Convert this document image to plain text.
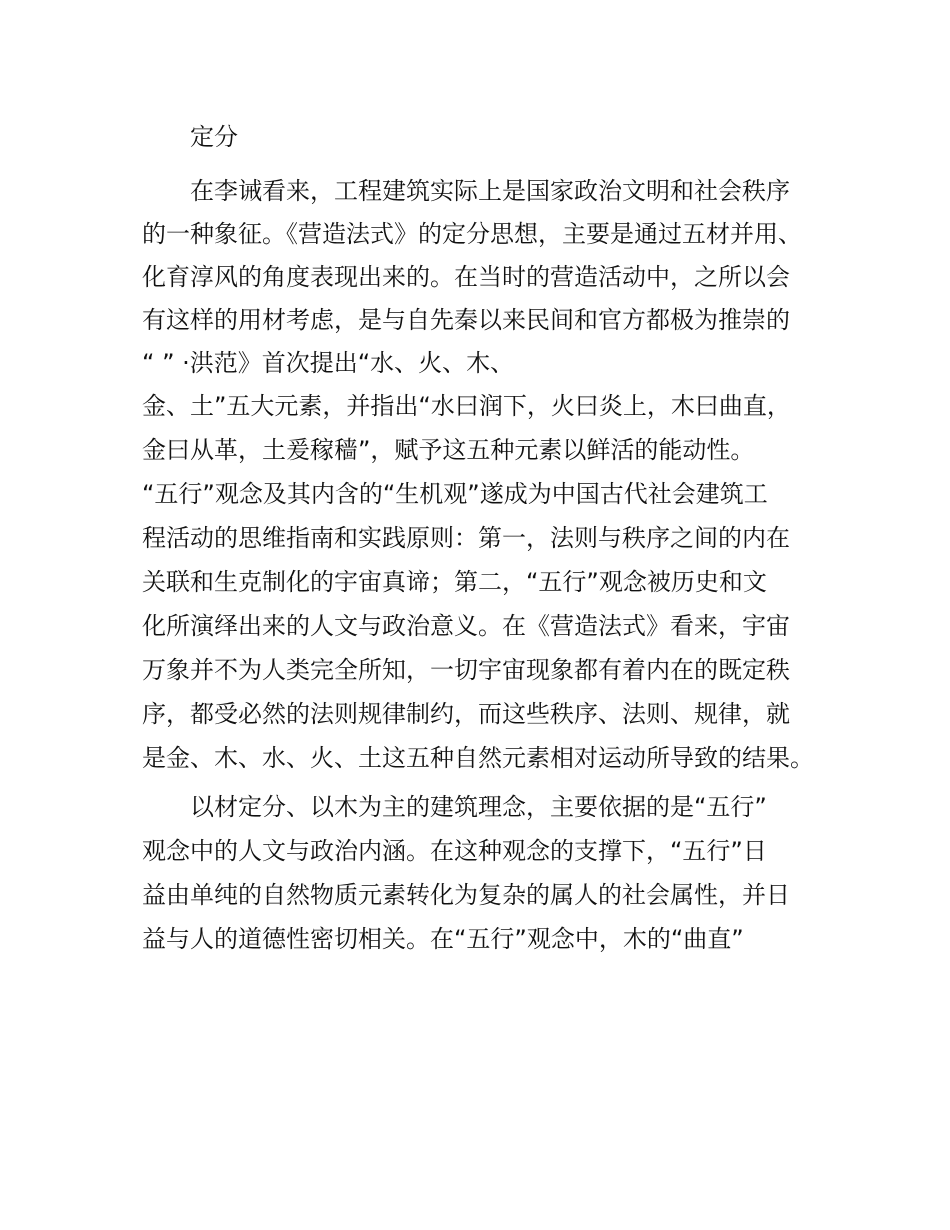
定分
在李诫看来，工程建筑实际上是国家政治文明和社会秩序
的一种象征。《营造法式》的定分思想，主要是通过五材并用、
化育淳风的角度表现出来的。在当时的营造活动中，之所以会
有这样的用材考虑，是与自先秦以来民间和官方都极为推崇的
“ ” ·洪范》首次提出“水、火、木、
金、土”五大元素，并指出“水曰润下，火曰炎上，木曰曲直，
金曰从革，土爰稼穑”，赋予这五种元素以鲜活的能动性。
“五行”观念及其内含的“生机观”遂成为中国古代社会建筑工
程活动的思维指南和实践原则：第一，法则与秩序之间的内在
关联和生克制化的宇宙真谛；第二，“五行”观念被历史和文
化所演绎出来的人文与政治意义。在《营造法式》看来，宇宙
万象并不为人类完全所知，一切宇宙现象都有着内在的既定秩
序，都受必然的法则规律制约，而这些秩序、法则、规律，就
是金、木、水、火、土这五种自然元素相对运动所导致的结果。
以材定分、以木为主的建筑理念，主要依据的是“五行”
观念中的人文与政治内涵。在这种观念的支撑下，“五行”日
益由单纯的自然物质元素转化为复杂的属人的社会属性，并日
益与人的道德性密切相关。在“五行”观念中，木的“曲直”
